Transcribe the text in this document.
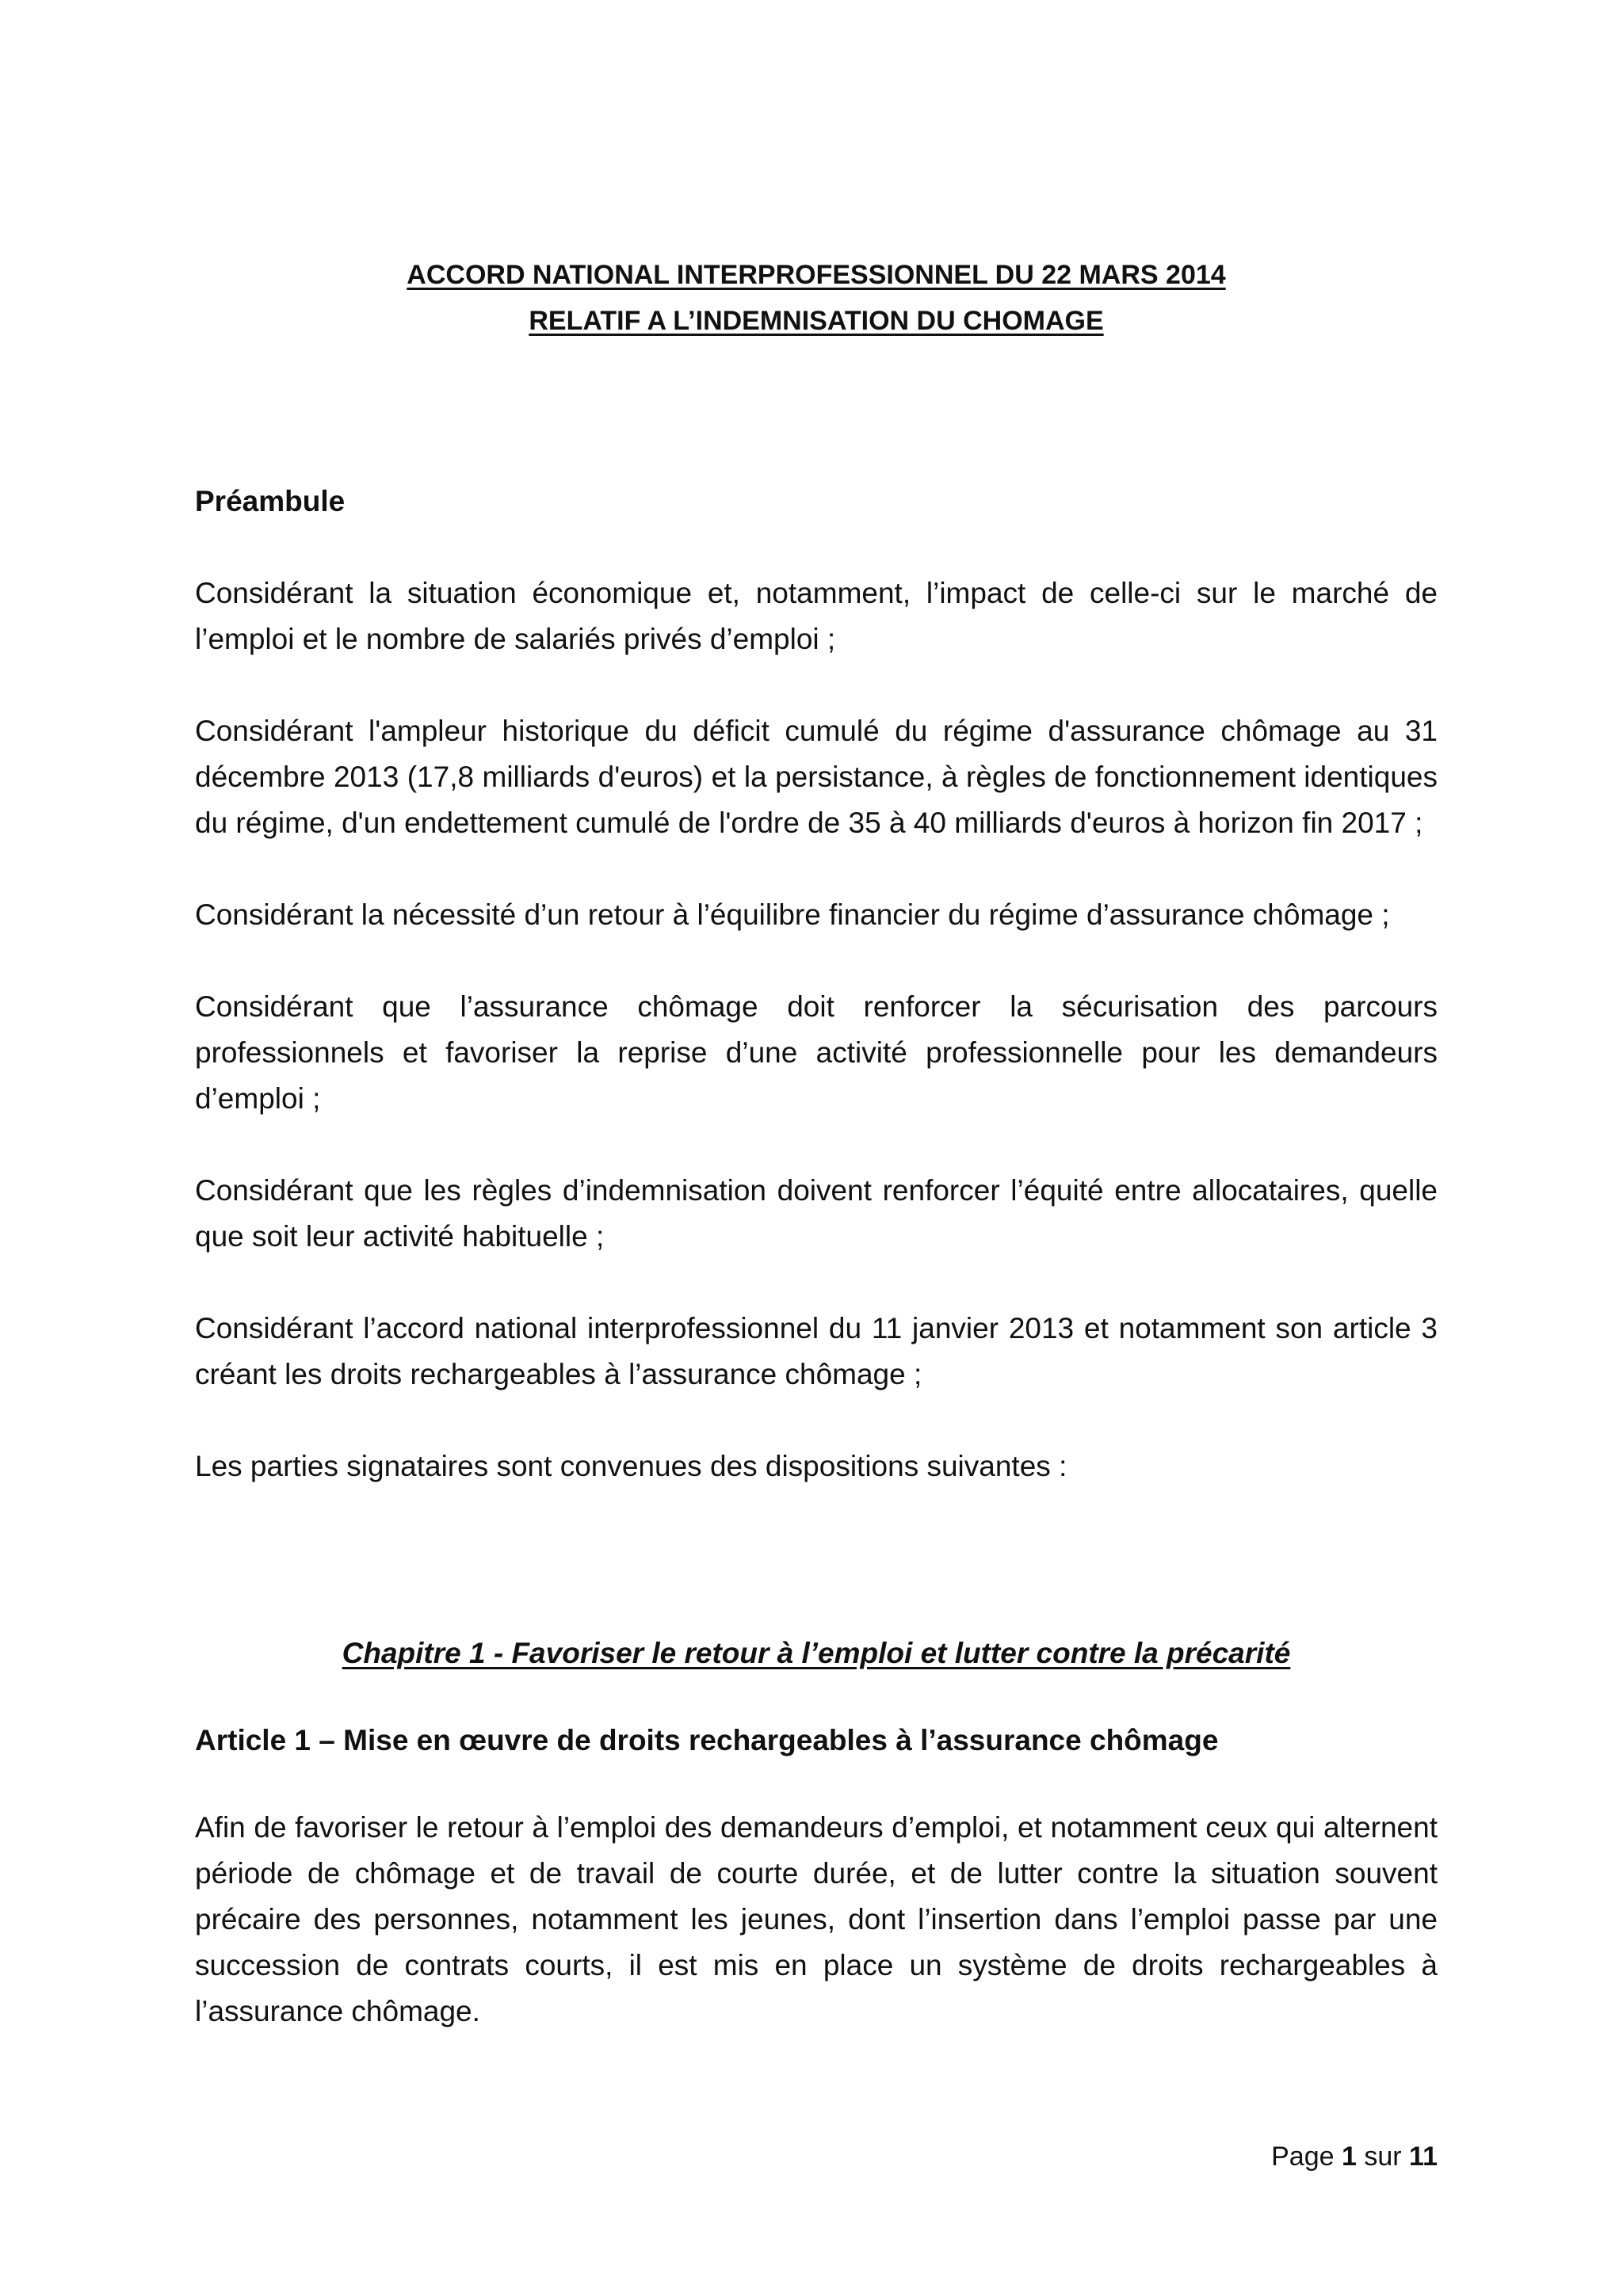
ACCORD NATIONAL INTERPROFESSIONNEL DU 22 MARS 2014
RELATIF A L’INDEMNISATION DU CHOMAGE
Préambule

Considérant la situation économique et, notamment, l’impact de celle-ci sur le marché de l’emploi et le nombre de salariés privés d’emploi ;

Considérant l'ampleur historique du déficit cumulé du régime d'assurance chômage au 31 décembre 2013 (17,8 milliards d'euros) et la persistance, à règles de fonctionnement identiques du régime, d'un endettement cumulé de l'ordre de 35 à 40 milliards d'euros à horizon fin 2017 ;

Considérant la nécessité d’un retour à l’équilibre financier du régime d’assurance chômage ;

Considérant que l’assurance chômage doit renforcer la sécurisation des parcours professionnels et favoriser la reprise d’une activité professionnelle pour les demandeurs d’emploi ;

Considérant que les règles d’indemnisation doivent renforcer l’équité entre allocataires, quelle que soit leur activité habituelle ;

Considérant l’accord national interprofessionnel du 11 janvier 2013 et notamment son article 3 créant les droits rechargeables à l’assurance chômage ;

Les parties signataires sont convenues des dispositions suivantes :

Chapitre 1 - Favoriser le retour à l’emploi et lutter contre la précarité
Article 1 – Mise en œuvre de droits rechargeables à l’assurance chômage

Afin de favoriser le retour à l’emploi des demandeurs d’emploi, et notamment ceux qui alternent période de chômage et de travail de courte durée, et de lutter contre la situation souvent précaire des personnes, notamment les jeunes, dont l’insertion dans l’emploi passe par une succession de contrats courts, il est mis en place un système de droits rechargeables à l’assurance chômage.

Page 1 sur 11
